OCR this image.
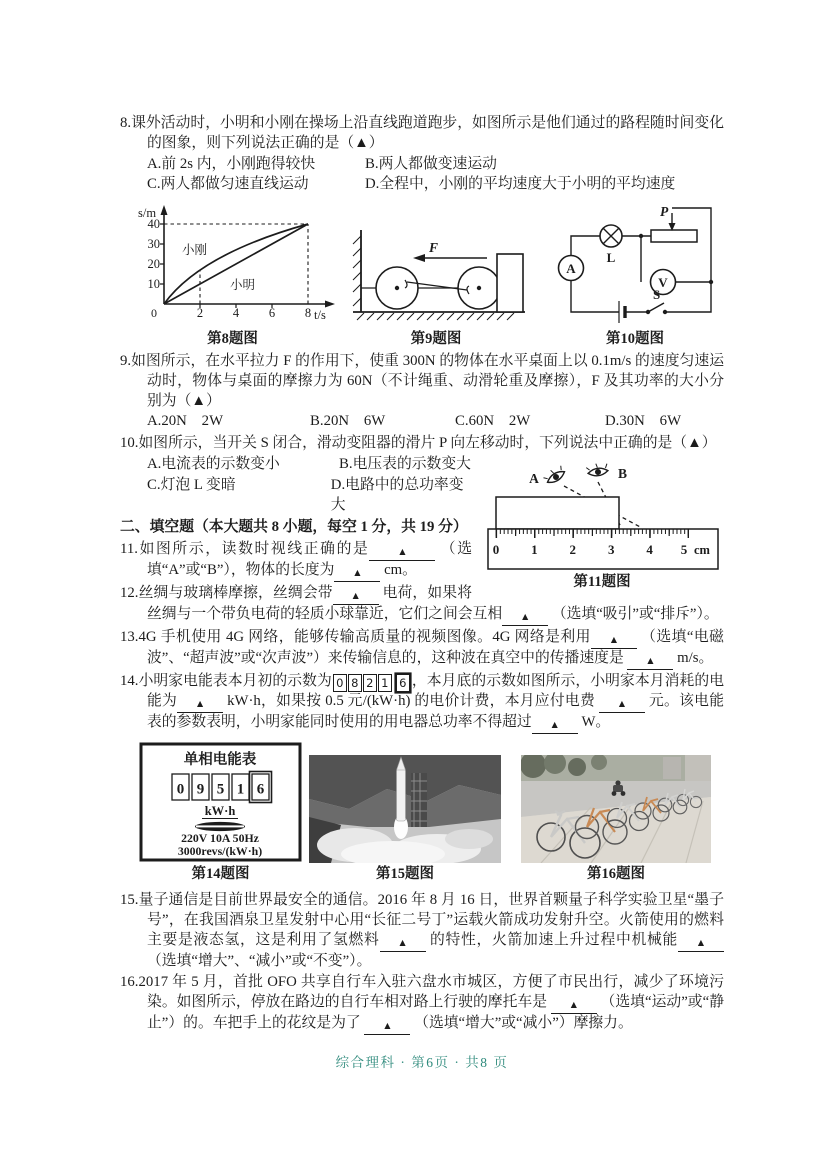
8.课外活动时，小明和小刚在操场上沿直线跑道跑步，如图所示是他们通过的路程随时间变化的图象，则下列说法正确的是（▲）
A.前 2s 内，小刚跑得较快	B.两人都做变速运动
C.两人都做匀速直线运动	D.全程中，小刚的平均速度大于小明的平均速度
s/m
t/s
40
30
20
10
0	2 4 6 8
小刚
小明
第8题图
F
第9题图
A
L
P
V
S
第10题图
9.如图所示，在水平拉力 F 的作用下，使重 300N 的物体在水平桌面上以 0.1m/s 的速度匀速运动时，物体与桌面的摩擦力为 60N（不计绳重、动滑轮重及摩擦），F 及其功率的大小分别为（▲）
A.20N　2W	B.20N　6W	C.60N　2W	D.30N　6W
10.如图所示，当开关 S 闭合，滑动变阻器的滑片 P 向左移动时，下列说法中正确的是（▲）
A	B
0 1 2 3 4 5 cm
第11题图
A.电流表的示数变小	B.电压表的示数变大
C.灯泡 L 变暗	D.电路中的总功率变大
二、填空题（本大题共 8 小题，每空 1 分，共 19 分）
11.如图所示，读数时视线正确的是	▲ （选填“A”或“B”），物体的长度为 ▲ cm。
12.丝绸与玻璃棒摩擦，丝绸会带 ▲ 电荷，如果将丝绸与一个带负电荷的轻质小球靠近，它们之间会互相 ▲ （选填“吸引”或“排斥”）。
13.4G 手机使用 4G 网络，能够传输高质量的视频图像。4G 网络是利用 ▲ （选填“电磁波”、“超声波”或“次声波”）来传输信息的，这种波在真空中的传播速度是 ▲ m/s。
14.小明家电能表本月初的示数为 0 8 2 1 6 ，本月底的示数如图所示，小明家本月消耗的电能为 ▲ kW·h，如果按 0.5 元/(kW·h) 的电价计费，本月应付电费 ▲ 元。该电能表的参数表明，小明家能同时使用的用电器总功率不得超过 ▲ W。
单相电能表
0 9 5 1 6
kW·h
220V 10A 50Hz
3000revs/(kW·h)
第14题图	第15题图	第16题图
15.量子通信是目前世界最安全的通信。2016 年 8 月 16 日，世界首颗量子科学实验卫星“墨子号”，在我国酒泉卫星发射中心用“长征二号丁”运载火箭成功发射升空。火箭使用的燃料主要是液态氢，这是利用了氢燃料 ▲ 的特性，火箭加速上升过程中机械能 ▲ （选填“增大”、“减小”或“不变”）。
16.2017 年 5 月，首批 OFO 共享自行车入驻六盘水市城区，方便了市民出行，减少了环境污染。如图所示，停放在路边的自行车相对路上行驶的摩托车是 ▲ （选填“运动”或“静止”）的。车把手上的花纹是为了 ▲ （选填“增大”或“减小”）摩擦力。
综合理科 · 第6页 · 共8 页
